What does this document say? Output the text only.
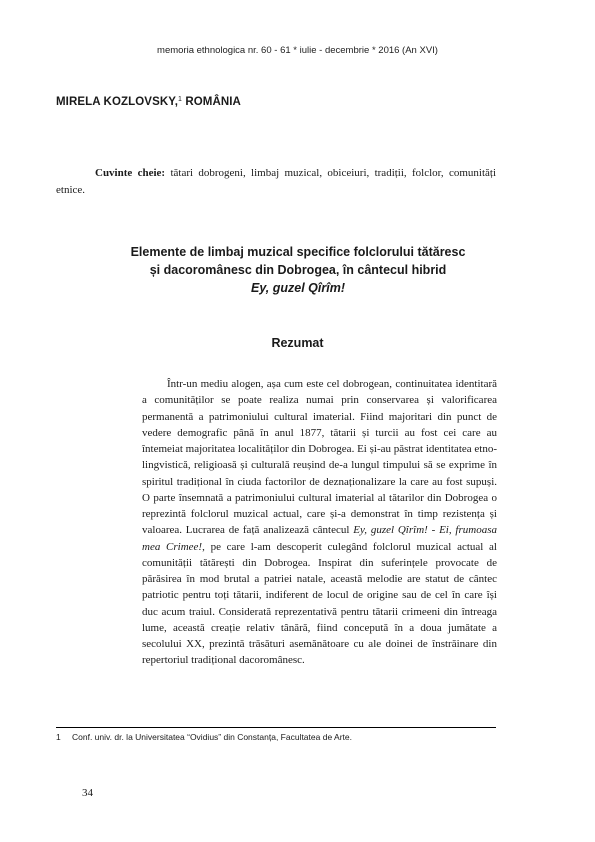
memoria ethnologica nr. 60 - 61 * iulie - decembrie * 2016 (An XVI)
MIRELA KOZLOVSKY,$^1$ ROMÂNIA

Cuvinte cheie: tătari dobrogeni, limbaj muzical, obiceiuri, tradiții, folclor, comunități etnice.

Elemente de limbaj muzical specifice folclorului tătăresc
și dacoromânesc din Dobrogea, în cântecul hibrid
Ey, guzel Qîrîm!
Rezumat

Într-un mediu alogen, așa cum este cel dobrogean, continuitatea identitară a comunităților se poate realiza numai prin conservarea și valorificarea permanentă a patrimoniului cultural imaterial. Fiind majoritari din punct de vedere demografic până în anul 1877, tătarii și turcii au fost cei care au întemeiat majoritatea localităților din Dobrogea. Ei și-au păstrat identitatea etno-lingvistică, religioasă și culturală reușind de-a lungul timpului să se exprime în spiritul tradițional în ciuda factorilor de deznaționalizare la care au fost supuși. O parte însemnată a patrimoniului cultural imaterial al tătarilor din Dobrogea o reprezintă folclorul muzical actual, care și-a demonstrat în timp rezistența și valoarea. Lucrarea de față analizează cântecul Ey, guzel Qîrîm! - Ei, frumoasa mea Crimee!, pe care l-am descoperit culegând folclorul muzical actual al comunității tătărești din Dobrogea. Inspirat din suferințele provocate de părăsirea în mod brutal a patriei natale, această melodie are statut de cântec patriotic pentru toți tătarii, indiferent de locul de origine sau de cel în care își duc acum traiul. Considerată reprezentativă pentru tătarii crimeeni din întreaga lume, această creație relativ tânără, fiind concepută în a doua jumătate a secolului XX, prezintă trăsături asemănătoare cu ale doinei de înstrăinare din repertoriul tradițional dacoromânesc.

1 Conf. univ. dr. la Universitatea “Ovidius” din Constanța, Facultatea de Arte.
34
